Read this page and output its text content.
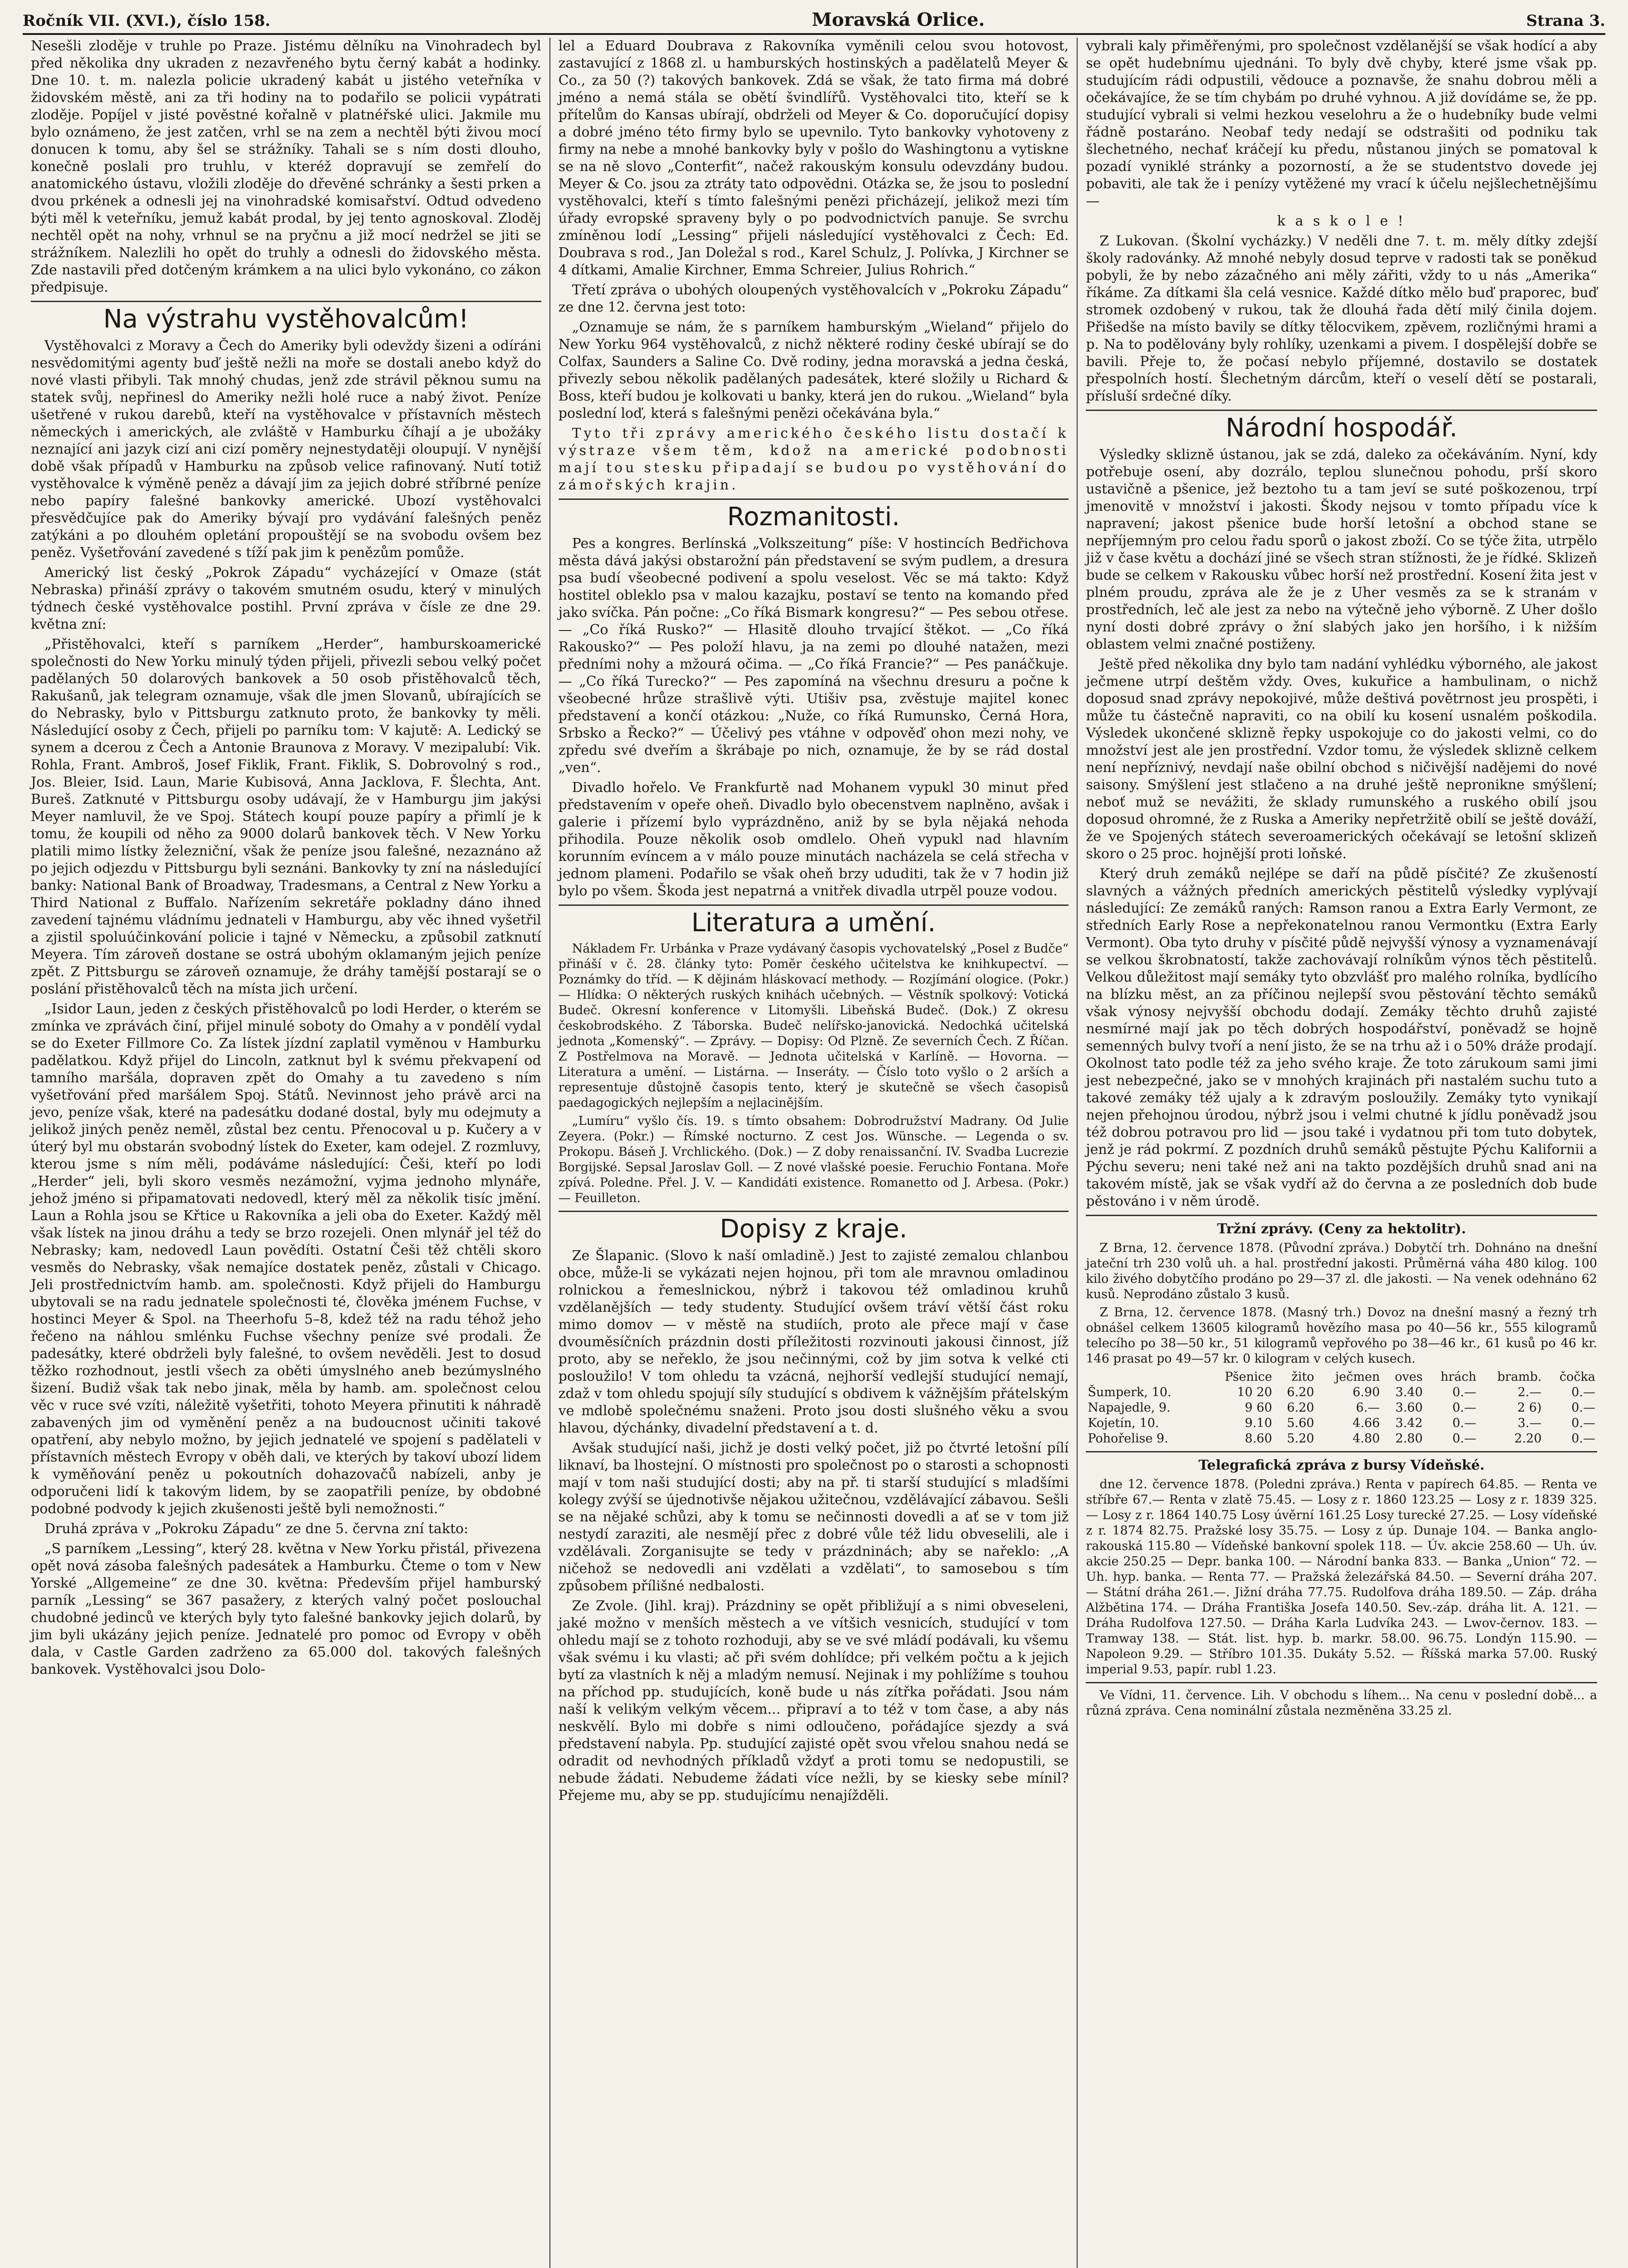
Ročník VII. (XVI.), číslo 158.	Moravská Orlice.	Strana 3.

Nesešli zloděje v truhle po Praze. Jistému dělníku na Vinohradech byl před několika dny ukraden z nezavřeného bytu černý kabát a hodinky. Dne 10. t. m. nalezla policie ukradený kabát u jistého veteřníka v židovském městě, ani za tři hodiny na to podařilo se policii vypátrati zloděje. Popíjel v jisté pověstné kořalně v platnéřské ulici. Jakmile mu bylo oznámeno, že jest zatčen, vrhl se na zem a nechtěl býti živou mocí donucen k tomu, aby šel se strážníky. Tahali se s ním dosti dlouho, konečně poslali pro truhlu, v kteréž dopravují se zemřelí do anatomického ústavu, vložili zloděje do dřevěné schránky a šesti prken a dvou prkének a odnesli jej na vinohradské komisařství. Odtud odvedeno býti měl k veteřníku, jemuž kabát prodal, by jej tento agnoskoval. Zloděj nechtěl opět na nohy, vrhnul se na pryčnu a již mocí nedržel se jiti se strážníkem. Nalezlili ho opět do truhly a odnesli do židovského města. Zde nastavili před dotčeným krámkem a na ulici bylo vykonáno, co zákon předpisuje.

Na výstrahu vystěhovalcům!

Vystěhovalci z Moravy a Čech do Ameriky byli odevždy šizeni a odíráni nesvědomitými agenty buď ještě nežli na moře se dostali anebo když do nové vlasti přibyli. Tak mnohý chudas, jenž zde strávil pěknou sumu na statek svůj, nepřinesl do Ameriky nežli holé ruce a nabý život. Peníze ušetřené v rukou darebů, kteří na vystěhovalce v přístavních městech německých i amerických, ale zvláště v Hamburku číhají a je ubožáky neznající ani jazyk cizí ani cizí poměry nejnestydatěji oloupují. V nynější době však případů v Hamburku na způsob velice rafinovaný. Nutí totiž vystěhovalce k výměně peněz a dávají jim za jejich dobré stříbrné peníze nebo papíry falešné bankovky americké. Ubozí vystěhovalci přesvědčujíce pak do Ameriky bývají pro vydávání falešných peněz zatýkáni a po dlouhém opletání propouštějí se na svobodu ovšem bez peněz. Vyšetřování zavedené s tíží pak jim k penězům pomůže.

Americký list český „Pokrok Západu“ vycházející v Omaze (stát Nebraska) přináší zprávy o takovém smutném osudu, který v minulých týdnech české vystěhovalce postihl. První zpráva v čísle ze dne 29. května zní:

„Přistěhovalci, kteří s parníkem „Herder“, hamburskoamerické společnosti do New Yorku minulý týden přijeli, přivezli sebou velký počet padělaných 50 dolarových bankovek a 50 osob přistěhovalců těch, Rakušanů, jak telegram oznamuje, však dle jmen Slovanů, ubírajících se do Nebrasky, bylo v Pittsburgu zatknuto proto, že bankovky ty měli. Následující osoby z Čech, přijeli po parníku tom: V kajutě: A. Ledický se synem a dcerou z Čech a Antonie Braunova z Moravy. V mezipalubí: Vik. Rohla, Frant. Ambroš, Josef Fiklik, Frant. Fiklik, S. Dobrovolný s rod., Jos. Bleier, Isid. Laun, Marie Kubisová, Anna Jacklova, F. Šlechta, Ant. Bureš. Zatknuté v Pittsburgu osoby udávají, že v Hamburgu jim jakýsi Meyer namluvil, že ve Spoj. Státech koupí pouze papíry a přimlí je k tomu, že koupili od něho za 9000 dolarů bankovek těch. V New Yorku platili mimo lístky železniční, však že peníze jsou falešné, nezaznáno až po jejich odjezdu v Pittsburgu byli seznáni. Bankovky ty zní na následující banky: National Bank of Broadway, Tradesmans, a Central z New Yorku a Third National z Buffalo. Nařízením sekretáře pokladny dáno ihned zavedení tajnému vládnímu jednateli v Hamburgu, aby věc ihned vyšetřil a zjistil spoluúčinkování policie i tajné v Německu, a způsobil zatknutí Meyera. Tím zároveň dostane se ostrá ubohým oklamaným jejich peníze zpět. Z Pittsburgu se zároveň oznamuje, že dráhy tamější postarají se o poslání přistěhovalců těch na místa jich určení.

„Isidor Laun, jeden z českých přistěhovalců po lodi Herder, o kterém se zmínka ve zprávách činí, přijel minulé soboty do Omahy a v pondělí vydal se do Exeter Fillmore Co. Za lístek jízdní zaplatil vyměnou v Hamburku padělatkou. Když přijel do Lincoln, zatknut byl k svému překvapení od tamního maršála, dopraven zpět do Omahy a tu zavedeno s ním vyšetřování před maršálem Spoj. Států. Nevinnost jeho právě arci na jevo, peníze však, které na padesátku dodané dostal, byly mu odejmuty a jelikož jiných peněz neměl, zůstal bez centu. Přenocoval u p. Kučery a v úterý byl mu obstarán svobodný lístek do Exeter, kam odejel. Z rozmluvy, kterou jsme s ním měli, podáváme následující: Češi, kteří po lodi „Herder“ jeli, byli skoro vesměs nezámožní, vyjma jednoho mlynáře, jehož jméno si připamatovati nedovedl, který měl za několik tisíc jmění. Laun a Rohla jsou se Křtice u Rakovníka a jeli oba do Exeter. Každý měl však lístek na jinou dráhu a tedy se brzo rozejeli. Onen mlynář jel též do Nebrasky; kam, nedovedl Laun povědíti. Ostatní Češi těž chtěli skoro vesměs do Nebrasky, však nemajíce dostatek peněz, zůstali v Chicago. Jeli prostřednictvím hamb. am. společnosti. Když přijeli do Hamburgu ubytovali se na radu jednatele společnosti té, člověka jménem Fuchse, v hostinci Meyer & Spol. na Theerhofu 5–8, kdež též na radu téhož jeho řečeno na náhlou smlénku Fuchse všechny peníze své prodali. Že padesátky, které obdrželi byly falešné, to ovšem nevěděli. Jest to dosud těžko rozhodnout, jestli všech za oběti úmyslného aneb bezúmyslného šizení. Budiž však tak nebo jinak, měla by hamb. am. společnost celou věc v ruce své vzíti, náležitě vyšetřiti, tohoto Meyera přinutiti k náhradě zabavených jim od vyměnění peněz a na budoucnost učiniti takové opatření, aby nebylo možno, by jejich jednatelé ve spojení s padělateli v přístavních městech Evropy v oběh dali, ve kterých by takoví ubozí lidem k vyměňování peněz u pokoutních dohazovačů nabízeli, anby je odporučeni lidí k takovým lidem, by se zaopatřili peníze, by obdobné podobné podvody k jejich zkušenosti ještě byli nemožnosti.“

Druhá zpráva v „Pokroku Západu“ ze dne 5. června zní takto:

„S parníkem „Lessing“, který 28. května v New Yorku přistál, přivezena opět nová zásoba falešných padesátek a Hamburku. Čteme o tom v New Yorské „Allgemeine“ ze dne 30. května: Především přijel hamburský parník „Lessing“ se 367 pasažery, z kterých valný počet poslouchal chudobné jedinců ve kterých byly tyto falešné bankovky jejich dolarů, by jim byli ukázány jejich peníze. Jednatelé pro pomoc od Evropy v oběh dala, v Castle Garden zadrženo za 65.000 dol. takových falešných bankovek. Vystěhovalci jsou Dolo-

lel a Eduard Doubrava z Rakovníka vyměnili celou svou hotovost, zastavující z 1868 zl. u hamburských hostinských a padělatelů Meyer & Co., za 50 (?) takových bankovek. Zdá se však, že tato firma má dobré jméno a nemá stála se obětí švindlířů. Vystěhovalci tito, kteří se k přítelům do Kansas ubírají, obdrželi od Meyer & Co. doporučující dopisy a dobré jméno této firmy bylo se upevnilo. Tyto bankovky vyhotoveny z firmy na nebe a mnohé bankovky byly v pošlo do Washingtonu a vytiskne se na ně slovo „Conterfit“, načež rakouským konsulu odevzdány budou. Meyer & Co. jsou za ztráty tato odpovědni. Otázka se, že jsou to poslední vystěhovalci, kteří s tímto falešnými penězi přicházejí, jelikož mezi tím úřady evropské spraveny byly o po podvodnictvích panuje. Se svrchu zmíněnou lodí „Lessing“ přijeli následující vystěhovalci z Čech: Ed. Doubrava s rod., Jan Doležal s rod., Karel Schulz, J. Polívka, J Kirchner se 4 dítkami, Amalie Kirchner, Emma Schreier, Julius Rohrich.“

Třetí zpráva o ubohých oloupených vystěhovalcích v „Pokroku Západu“ ze dne 12. června jest toto:

„Oznamuje se nám, že s parníkem hamburským „Wieland“ přijelo do New Yorku 964 vystěhovalců, z nichž některé rodiny české ubírají se do Colfax, Saunders a Saline Co. Dvě rodiny, jedna moravská a jedna česká, přivezly sebou několik padělaných padesátek, které složily u Richard & Boss, kteří budou je kolkovati u banky, která jen do rukou. „Wieland“ byla poslední loď, která s falešnými penězi očekávána byla.“

Tyto tři zprávy amerického českého listu dostačí k výstraze všem těm, kdož na americké podobnosti mají tou stesku připadají se budou po vystěhování do zámořských krajin.

Rozmanitosti.

Pes a kongres. Berlínská „Volkszeitung“ píše: V hostincích Bedřichova města dává jakýsi obstarožní pán představení se svým pudlem, a dresura psa budí všeobecné podivení a spolu veselost. Věc se má takto: Když hostitel obleklo psa v malou kazajku, postaví se tento na komando před jako svíčka. Pán počne: „Co říká Bismark kongresu?“ — Pes sebou otřese. — „Co říká Rusko?“ — Hlasitě dlouho trvající štěkot. — „Co říká Rakousko?“ — Pes položí hlavu, ja na zemi po dlouhé natažen, mezi předními nohy a mžourá očima. — „Co říká Francie?“ — Pes panáčkuje. — „Co říká Turecko?“ — Pes zapomíná na všechnu dresuru a počne k všeobecné hrůze strašlivě výti. Utišiv psa, zvěstuje majitel konec představení a končí otázkou: „Nuže, co říká Rumunsko, Černá Hora, Srbsko a Řecko?“ — Účelivý pes vtáhne v odpověď ohon mezi nohy, ve zpředu své dveřím a škrábaje po nich, oznamuje, že by se rád dostal „ven“.

Divadlo hořelo. Ve Frankfurtě nad Mohanem vypukl 30 minut před představením v opeře oheň. Divadlo bylo obecenstvem naplněno, avšak i galerie i přízemí bylo vyprázdněno, aniž by se byla nějaká nehoda přihodila. Pouze několik osob omdlelo. Oheň vypukl nad hlavním korunním evíncem a v málo pouze minutách nacházela se celá střecha v jednom plameni. Podařilo se však oheň brzy ududiti, tak že v 7 hodin již bylo po všem. Škoda jest nepatrná a vnitřek divadla utrpěl pouze vodou.

Literatura a umění.

Nákladem Fr. Urbánka v Praze vydávaný časopis vychovatelský „Posel z Budče“ přináší v č. 28. článkу tyto: Poměr českého učitelstva ke knihkupectví. — Poznámky do tříd. — K dějinám hláskovací methody. — Rozjímání ologice. (Pokr.) — Hlídka: O některých ruských knihách učebných. — Věstník spolkový: Votická Budeč. Okresní konference v Litomyšli. Libeňská Budeč. (Dok.) Z okresu českobrodského. Z Táborska. Budeč nelířsko-janovická. Nedochká učitelská jednota „Komenský“. — Zprávy. — Dopisy: Od Plzně. Ze severních Čech. Z Říčan. Z Postřelmova na Moravě. — Jednota učitelská v Karlíně. — Hovorna. — Literatura a umění. — Listárna. — Inseráty. — Číslo toto vyšlo o 2 arších a representuje důstojně časopis tento, který je skutečně se všech časopisů paedagogických nejlepším a nejlacinějším.

„Lumíru“ vyšlo čís. 19. s tímto obsahem: Dobrodružství Madrany. Od Julie Zeyera. (Pokr.) — Římské nocturno. Z cest Jos. Wünsche. — Legenda o sv. Prokopu. Báseň J. Vrchlického. (Dok.) — Z doby renaissanční. IV. Svadba Lucrezie Borgijské. Sepsal Jaroslav Goll. — Z nové vlašské poesie. Feruchio Fontana. Moře zpívá. Poledne. Přel. J. V. — Kandidáti existence. Romanetto od J. Arbesa. (Pokr.) — Feuilleton.

Dopisy z kraje.

Ze Šlapanic. (Slovo k naší omladině.) Jest to zajisté zemalou chlanbou obce, může-li se vykázati nejen hojnou, při tom ale mravnou omladinou rolnickou a řemeslnickou, nýbrž i takovou též omladinou kruhů vzdělanějších — tedy studenty. Studující ovšem tráví větší část roku mimo domov — v městě na studiích, proto ale přece mají v čase dvouměsíčních prázdnin dosti příležitosti rozvinouti jakousi činnost, jíž proto, aby se neřeklo, že jsou nečinnými, což by jim sotva k velké cti posloužilo! V tom ohledu ta vzácná, nejhorší vedlejší studující nemají, zdaž v tom ohledu spojují síly studující s obdivem k vážnějším přátelským ve mdlobě společnému snaženi. Proto jsou dosti slušného věku a svou hlavou, dýchánky, divadelní představení a t. d.

Avšak studující naši, jichž je dosti velký počet, již po čtvrté letošní pílí liknaví, ba lhostejní. O místnosti pro společnost po o starosti a schopnosti mají v tom naši studující dosti; aby na př. ti starší studující s mladšími kolegy zvýší se újednotivše nějakou užitečnou, vzdělávající zábavou. Sešli se na nějaké schůzi, aby k tomu se nečinnosti dovedli a ať se v tom již nestydí zaraziti, ale nesmějí přec z dobré vůle též lidu obveselili, ale i vzdělávali. Zorganisujte se tedy v prázdninách; aby se nařeklo: ,,A ničehož se nedovedli ani vzdělati a vzdělati“, to samosebou s tím způsobem přílišné nedbalosti.

Ze Zvole. (Jihl. kraj). Prázdniny se opět přibližují a s nimi obveseleni, jaké možno v menších městech a ve vítšich vesnicích, studující v tom ohledu mají se z tohoto rozhoduji, aby se ve své mládí podávali, ku všemu však svému i ku vlasti; ač při svém dohlídce; při velkém počtu a k jejich bytí za vlastních k něj a mladým nemusí. Nejinak i my pohlížíme s touhou na příchod pp. studujících, koně bude u nás zítřka pořádati. Jsou nám naší k velikým velkým věcem... připraví a to též v tom čase, a aby nás neskvělí. Bylo mi dobře s nimi odloučeno, pořádajíce sjezdy a svá představení nabyla. Pp. studující zajisté opět svou vřelou snahou nedá se odradit od nevhodných příkladů vždyť a proti tomu se nedopustili, se nebude žádati. Nebudeme žádati více nežli, by se kiesky sebe mínil? Přejeme mu, aby se pp. studujícímu nenajížděli.

vybrali kaly přiměřenými, pro společnost vzdělanější se však hodící a aby se opět hudebnímu ujednáni. To byly dvě chyby, které jsme však pp. studujícím rádi odpustili, vědouce a poznavše, že snahu dobrou měli a očekávajíce, že se tím chybám po druhé vyhnou. A již dovídáme se, že pp. studující vybrali si velmi hezkou veselohru a že o hudebníky bude velmi řádně postaráno. Neobaf tedy nedají se odstrašiti od podniku tak šlechetného, nechať kráčejí ku předu, nůstanou jiných se pomatoval k pozadí vyniklé stránky a pozorností, a že se studentstvo dovede jej pobaviti, ale tak že i penízy vytěžené my vrací k účelu nejšlechetnějšímu —

k a s k o l e !

Z Lukovan. (Školní vycházky.) V neděli dne 7. t. m. měly dítky zdejší školy radovánky. Až mnohé nebyly dosud teprve v radosti tak se poněkud pobyli, že by nebo zázačného ani měly zářiti, vždy to u nás „Amerika“ říkáme. Za dítkami šla celá vesnice. Každé dítko mělo buď praporec, buď stromek ozdobený v rukou, tak že dlouhá řada dětí milý činila dojem. Přišedše na místo bavily se dítky tělocvikem, zpěvem, rozličnými hrami a p. Na to podělovány byly rohlíky, uzenkami a pivem. I dospělejší dobře se bavili. Přeje to, že počasí nebylo příjemné, dostavilo se dostatek přespolních hostí. Šlechetným dárcům, kteří o veselí dětí se postarali, přísluší srdečné díky.

Národní hospodář.

Výsledky sklizně ústanou, jak se zdá, daleko za očekáváním. Nyní, kdy potřebuje osení, aby dozrálo, teplou slunečnou pohodu, prší skoro ustavičně a pšenice, jež beztoho tu a tam jeví se suté poškozenou, trpí jmenovitě v množství i jakosti. Škody nejsou v tomto případu více k napravení; jakost pšenice bude horší letošní a obchod stane se nepříjemným pro celou řadu sporů o jakost zboží. Co se týče žita, utrpělo již v čase květu a dochází jiné se všech stran stížnosti, že je řídké. Sklizeň bude se celkem v Rakousku vůbec horší než prostřední. Kosení žita jest v plném proudu, zpráva ale že je z Uher vesměs za se k stranám v prostředních, leč ale jest za nebo na výtečně jeho výborně. Z Uher došlo nyní dosti dobré zprávy o žní slabých jako jen horšího, i k nižším oblastem velmi značné postiženy.

Ještě před několika dny bylo tam nadání vyhlédku výborného, ale jakost ječmene utrpí deštěm vždy. Oves, kukuřice a hambulinam, o nichž doposud snad zprávy nepokojivé, může deštivá povětrnost jeu prospěti, i může tu částečně napraviti, co na obilí ku kosení usnalém poškodila. Výsledek ukončené sklizně řepky uspokojuje co do jakosti velmi, co do množství jest ale jen prostřední. Vzdor tomu, že výsledek sklizně celkem není nepříznivý, nevdají naše obilní obchod s ničivější nadějemi do nové saisony. Smýšlení jest stlačeno a na druhé ještě nepronikne smýšlení; neboť muž se nevážiti, že sklady rumunského a ruského obilí jsou doposud ohromné, že z Ruska a Ameriky nepřetržitě obilí se ještě dováží, že ve Spojených státech severoamerických očekávají se letošní sklizeň skoro o 25 proc. hojnější proti loňské.

Který druh zemáků nejlépe se daří na půdě písčité? Ze zkušeností slavných a vážných předních amerických pěstitelů výsledky vyplývají následující: Ze zemáků raných: Ramson ranou a Extra Early Vermont, ze středních Early Rose a nepřekonatelnou ranou Vermontku (Extra Early Vermont). Oba tyto druhy v písčité půdě nejvyšší výnosy a vyznamenávají se velkou škrobnatostí, takže zachovávají rolníkům výnos těch pěstitelů. Velkou důležitost mají semáky tyto obzvlášť pro malého rolníka, bydlícího na blízku měst, an za příčinou nejlepší svou pěstování těchto semáků však výnosy nejvyšší obchodu dodají. Zemáky těchto druhů zajisté nesmírné mají jak po těch dobrých hospodářství, poněvadž se hojně semenných bulvy tvoří a není jisto, že se na trhu až i o 50% dráže prodají. Okolnost tato podle též za jeho svého kraje. Že toto zárukoum sami jimi jest nebezpečné, jako se v mnohých krajinách při nastalém suchu tuto a takové zemáky též ujaly a k zdravým posloužily. Zemáky tyto vynikají nejen přehojnou úrodou, nýbrž jsou i velmi chutné k jídlu poněvadž jsou též dobrou potravou pro lid — jsou také i vydatnou při tom tuto dobytek, jenž je rád pokrmí. Z pozdních druhů semáků pěstujte Pýchu Kalifornii a Pýchu severu; neni také než ani na takto pozdějších druhů snad ani na takovém místě, jak se však vydří až do června a ze posledních dob bude pěstováno i v něm úrodě.

Tržní zprávy. (Ceny za hektolitr).

Z Brna, 12. července 1878. (Původní zpráva.) Dobytčí trh. Dohnáno na dnešní jateční trh 230 volů uh. a hal. prostřední jakosti. Průměrná váha 480 kilog. 100 kilo živého dobytčího prodáno po 29—37 zl. dle jakosti. — Na venek odehnáno 62 kusů. Neprodáno zůstalo 3 kusů.

Z Brna, 12. července 1878. (Masný trh.) Dovoz na dnešní masný a řezný trh obnášel celkem 13605 kilogramů hovězího masa po 40—56 kr., 555 kilogramů telecího po 38—50 kr., 51 kilogramů vepřového po 38—46 kr., 61 kusů po 46 kr. 146 prasat po 49—57 kr. 0 kilogram v celých kusech.

	Pšenice	žito	ječmen	oves	hrách	bramb.	čočka
Šumperk, 10.	10 20	6.20	6.90	3.40	0.—	2.—	0.—
Napajedle, 9.	9 60	6.20	6.—	3.60	0.—	2 6)	0.—
Kojetín, 10.	9.10	5.60	4.66	3.42	0.—	3.—	0.—
Pohořelise 9.	8.60	5.20	4.80	2.80	0.—	2.20	0.—
Telegrafická zpráva z bursy Vídeňské.

dne 12. července 1878. (Poledni zpráva.) Renta v papírech 64.85. — Renta ve stříbře 67.— Renta v zlatě 75.45. — Losy z r. 1860 123.25 — Losy z r. 1839 325. — Losy z r. 1864 140.75 Losy úvěrní 161.25 Losy turecké 27.25. — Losy vídeňské z r. 1874 82.75. Pražské losy 35.75. — Losy z úp. Dunaje 104. — Banka anglo-rakouská 115.80 — Vídeňské bankovní spolek 118. — Úv. akcie 258.60 — Uh. úv. akcie 250.25 — Depr. banka 100. — Národní banka 833. — Banka „Union“ 72. — Uh. hyp. banka. — Renta 77. — Pražská železářská 84.50. — Severní dráha 207. — Státní dráha 261.—. Jižní dráha 77.75. Rudolfova dráha 189.50. — Záp. dráha Alžbětina 174. — Dráha Františka Josefa 140.50. Sev.-záp. dráha lit. A. 121. — Dráha Rudolfova 127.50. — Dráha Karla Ludvíka 243. — Lwov-černov. 183. — Tramway 138. — Stát. list. hyp. b. markr. 58.00. 96.75. Londýn 115.90. — Napoleon 9.29. — Stříbro 101.35. Dukáty 5.52. — Říšská marka 57.00. Ruský imperial 9.53, papír. rubl 1.23.

Ve Vídni, 11. července. Lih. V obchodu s líhem... Na cenu v poslední době... a různá zpráva. Cena nominální zůstala nezměněna 33.25 zl.
